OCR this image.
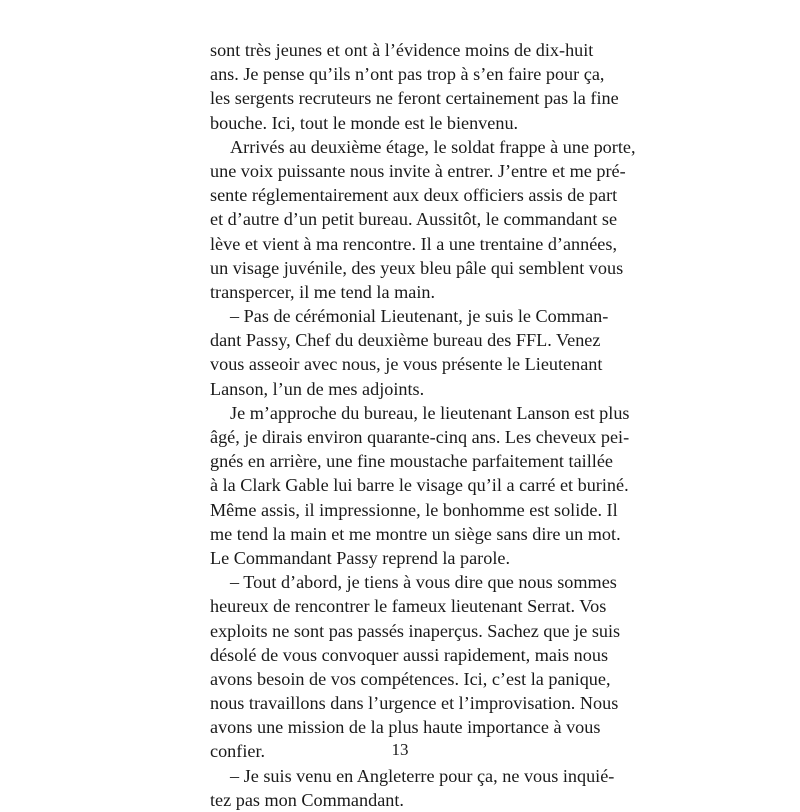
sont très jeunes et ont à l’évidence moins de dix-huit
ans. Je pense qu’ils n’ont pas trop à s’en faire pour ça,
les sergents recruteurs ne feront certainement pas la fine
bouche. Ici, tout le monde est le bienvenu.
Arrivés au deuxième étage, le soldat frappe à une porte,
une voix puissante nous invite à entrer. J’entre et me pré-
sente réglementairement aux deux officiers assis de part
et d’autre d’un petit bureau. Aussitôt, le commandant se
lève et vient à ma rencontre. Il a une trentaine d’années,
un visage juvénile, des yeux bleu pâle qui semblent vous
transpercer, il me tend la main.
– Pas de cérémonial Lieutenant, je suis le Comman-
dant Passy, Chef du deuxième bureau des FFL. Venez
vous asseoir avec nous, je vous présente le Lieutenant
Lanson, l’un de mes adjoints.
Je m’approche du bureau, le lieutenant Lanson est plus
âgé, je dirais environ quarante-cinq ans. Les cheveux pei-
gnés en arrière, une fine moustache parfaitement taillée
à la Clark Gable lui barre le visage qu’il a carré et buriné.
Même assis, il impressionne, le bonhomme est solide. Il
me tend la main et me montre un siège sans dire un mot.
Le Commandant Passy reprend la parole.
– Tout d’abord, je tiens à vous dire que nous sommes
heureux de rencontrer le fameux lieutenant Serrat. Vos
exploits ne sont pas passés inaperçus. Sachez que je suis
désolé de vous convoquer aussi rapidement, mais nous
avons besoin de vos compétences. Ici, c’est la panique,
nous travaillons dans l’urgence et l’improvisation. Nous
avons une mission de la plus haute importance à vous
confier.
– Je suis venu en Angleterre pour ça, ne vous inquié-
tez pas mon Commandant.
13
